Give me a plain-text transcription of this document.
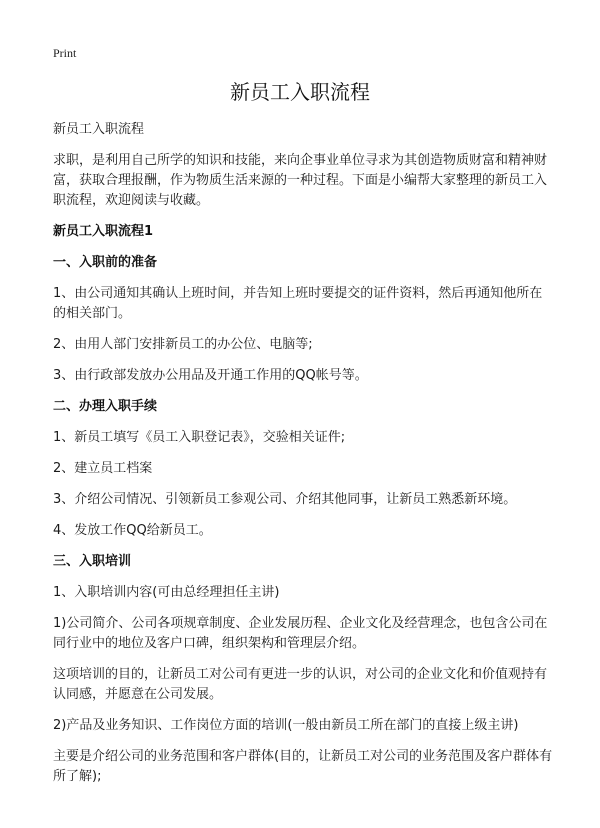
Print
新员工入职流程

新员工入职流程

求职，是利用自己所学的知识和技能，来向企事业单位寻求为其创造物质财富和精神财富，获取合理报酬，作为物质生活来源的一种过程。下面是小编帮大家整理的新员工入职流程，欢迎阅读与收藏。

新员工入职流程1

一、入职前的准备

1、由公司通知其确认上班时间，并告知上班时要提交的证件资料，然后再通知他所在的相关部门。

2、由用人部门安排新员工的办公位、电脑等;

3、由行政部发放办公用品及开通工作用的QQ帐号等。

二、办理入职手续

1、新员工填写《员工入职登记表》，交验相关证件;

2、建立员工档案

3、介绍公司情况、引领新员工参观公司、介绍其他同事，让新员工熟悉新环境。

4、发放工作QQ给新员工。

三、入职培训

1、入职培训内容(可由总经理担任主讲)

1)公司简介、公司各项规章制度、企业发展历程、企业文化及经营理念，也包含公司在同行业中的地位及客户口碑，组织架构和管理层介绍。

这项培训的目的，让新员工对公司有更进一步的认识，对公司的企业文化和价值观持有认同感，并愿意在公司发展。

2)产品及业务知识、工作岗位方面的培训(一般由新员工所在部门的直接上级主讲)

主要是介绍公司的业务范围和客户群体(目的，让新员工对公司的业务范围及客户群体有所了解);
